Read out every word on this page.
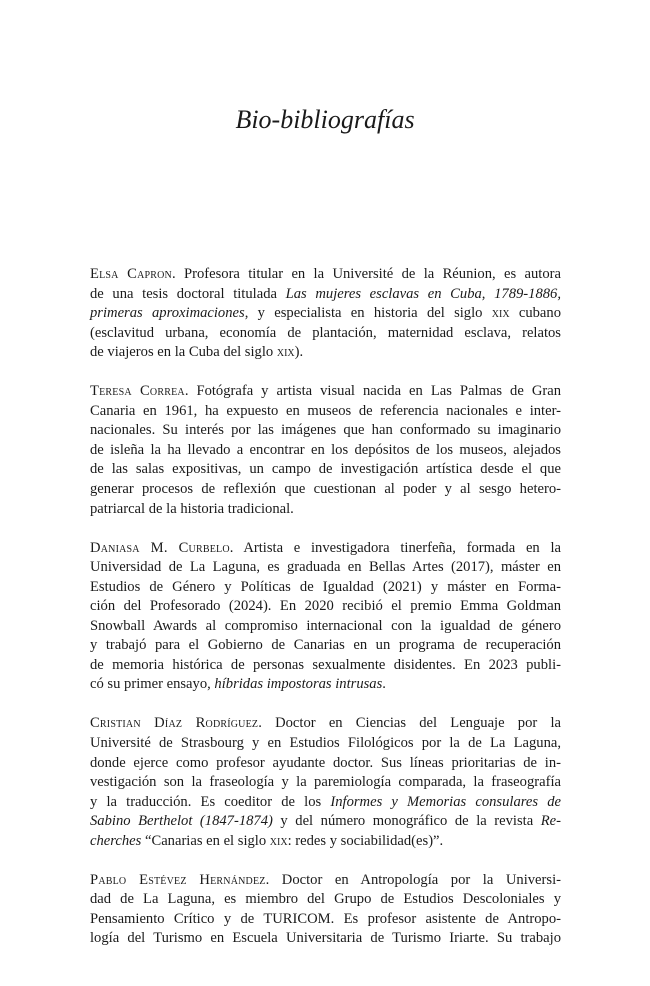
Bio-bibliografías
Elsa Capron. Profesora titular en la Université de la Réunion, es autora
de una tesis doctoral titulada Las mujeres esclavas en Cuba, 1789-1886,
primeras aproximaciones, y especialista en historia del siglo xix cubano
(esclavitud urbana, economía de plantación, maternidad esclava, relatos
de viajeros en la Cuba del siglo xix).
Teresa Correa. Fotógrafa y artista visual nacida en Las Palmas de Gran
Canaria en 1961, ha expuesto en museos de referencia nacionales e inter-
nacionales. Su interés por las imágenes que han conformado su imaginario
de isleña la ha llevado a encontrar en los depósitos de los museos, alejados
de las salas expositivas, un campo de investigación artística desde el que
generar procesos de reflexión que cuestionan al poder y al sesgo hetero-
patriarcal de la historia tradicional.
Daniasa M. Curbelo. Artista e investigadora tinerfeña, formada en la
Universidad de La Laguna, es graduada en Bellas Artes (2017), máster en
Estudios de Género y Políticas de Igualdad (2021) y máster en Forma-
ción del Profesorado (2024). En 2020 recibió el premio Emma Goldman
Snowball Awards al compromiso internacional con la igualdad de género
y trabajó para el Gobierno de Canarias en un programa de recuperación
de memoria histórica de personas sexualmente disidentes. En 2023 publi-
có su primer ensayo, híbridas impostoras intrusas.
Cristian Díaz Rodríguez. Doctor en Ciencias del Lenguaje por la
Université de Strasbourg y en Estudios Filológicos por la de La Laguna,
donde ejerce como profesor ayudante doctor. Sus líneas prioritarias de in-
vestigación son la fraseología y la paremiología comparada, la fraseografía
y la traducción. Es coeditor de los Informes y Memorias consulares de
Sabino Berthelot (1847-1874) y del número monográfico de la revista Re-
cherches “Canarias en el siglo xix: redes y sociabilidad(es)”.
Pablo Estévez Hernández. Doctor en Antropología por la Universi-
dad de La Laguna, es miembro del Grupo de Estudios Descoloniales y
Pensamiento Crítico y de TURICOM. Es profesor asistente de Antropo-
logía del Turismo en Escuela Universitaria de Turismo Iriarte. Su trabajo
